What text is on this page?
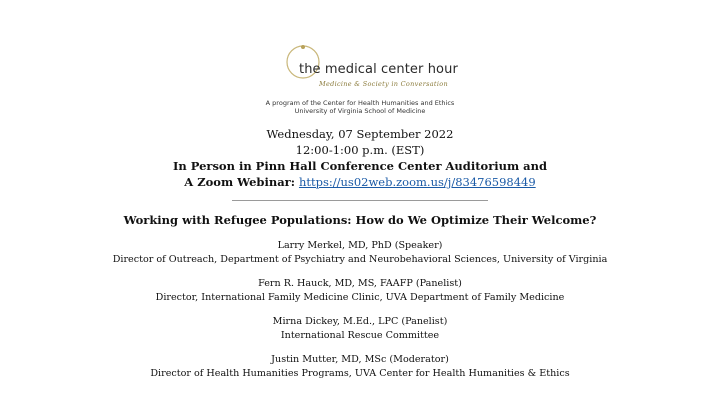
the medical center hour
Medicine & Society in Conversation
A program of the Center for Health Humanities and Ethics
University of Virginia School of Medicine
Wednesday, 07 September 2022
12:00-1:00 p.m. (EST)
In Person in Pinn Hall Conference Center Auditorium and
A Zoom Webinar: https://us02web.zoom.us/j/83476598449
Working with Refugee Populations: How do We Optimize Their Welcome?
Larry Merkel, MD, PhD (Speaker)
Director of Outreach, Department of Psychiatry and Neurobehavioral Sciences, University of Virginia
Fern R. Hauck, MD, MS, FAAFP (Panelist)
Director, International Family Medicine Clinic, UVA Department of Family Medicine
Mirna Dickey, M.Ed., LPC (Panelist)
International Rescue Committee
Justin Mutter, MD, MSc (Moderator)
Director of Health Humanities Programs, UVA Center for Health Humanities & Ethics
